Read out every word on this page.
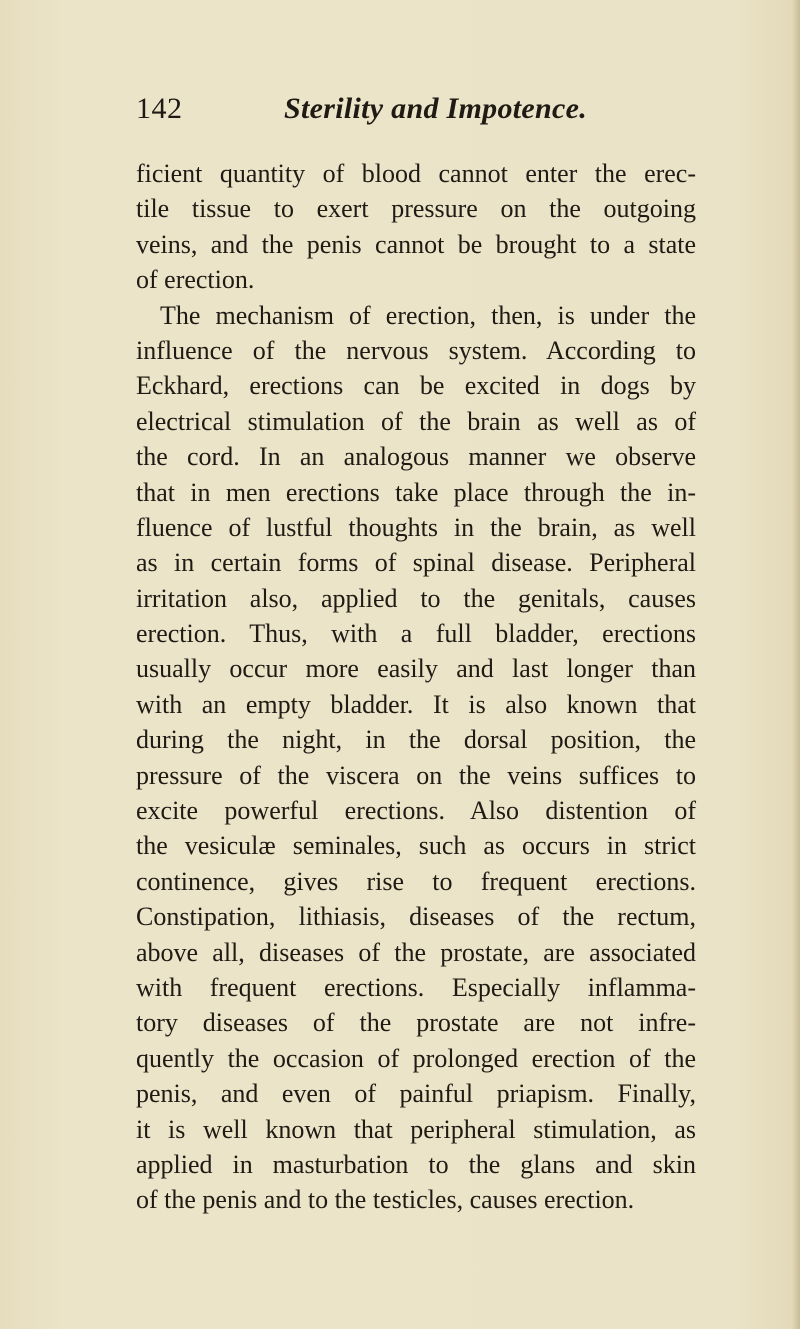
142	Sterility and Impotence.
ficient quantity of blood cannot enter the erec-
tile tissue to exert pressure on the outgoing
veins, and the penis cannot be brought to a state
of erection.
The mechanism of erection, then, is under the
influence of the nervous system. According to
Eckhard, erections can be excited in dogs by
electrical stimulation of the brain as well as of
the cord. In an analogous manner we observe
that in men erections take place through the in-
fluence of lustful thoughts in the brain, as well
as in certain forms of spinal disease. Peripheral
irritation also, applied to the genitals, causes
erection. Thus, with a full bladder, erections
usually occur more easily and last longer than
with an empty bladder. It is also known that
during the night, in the dorsal position, the
pressure of the viscera on the veins suffices to
excite powerful erections. Also distention of
the vesiculæ seminales, such as occurs in strict
continence, gives rise to frequent erections.
Constipation, lithiasis, diseases of the rectum,
above all, diseases of the prostate, are associated
with frequent erections. Especially inflamma-
tory diseases of the prostate are not infre-
quently the occasion of prolonged erection of the
penis, and even of painful priapism. Finally,
it is well known that peripheral stimulation, as
applied in masturbation to the glans and skin
of the penis and to the testicles, causes erection.
